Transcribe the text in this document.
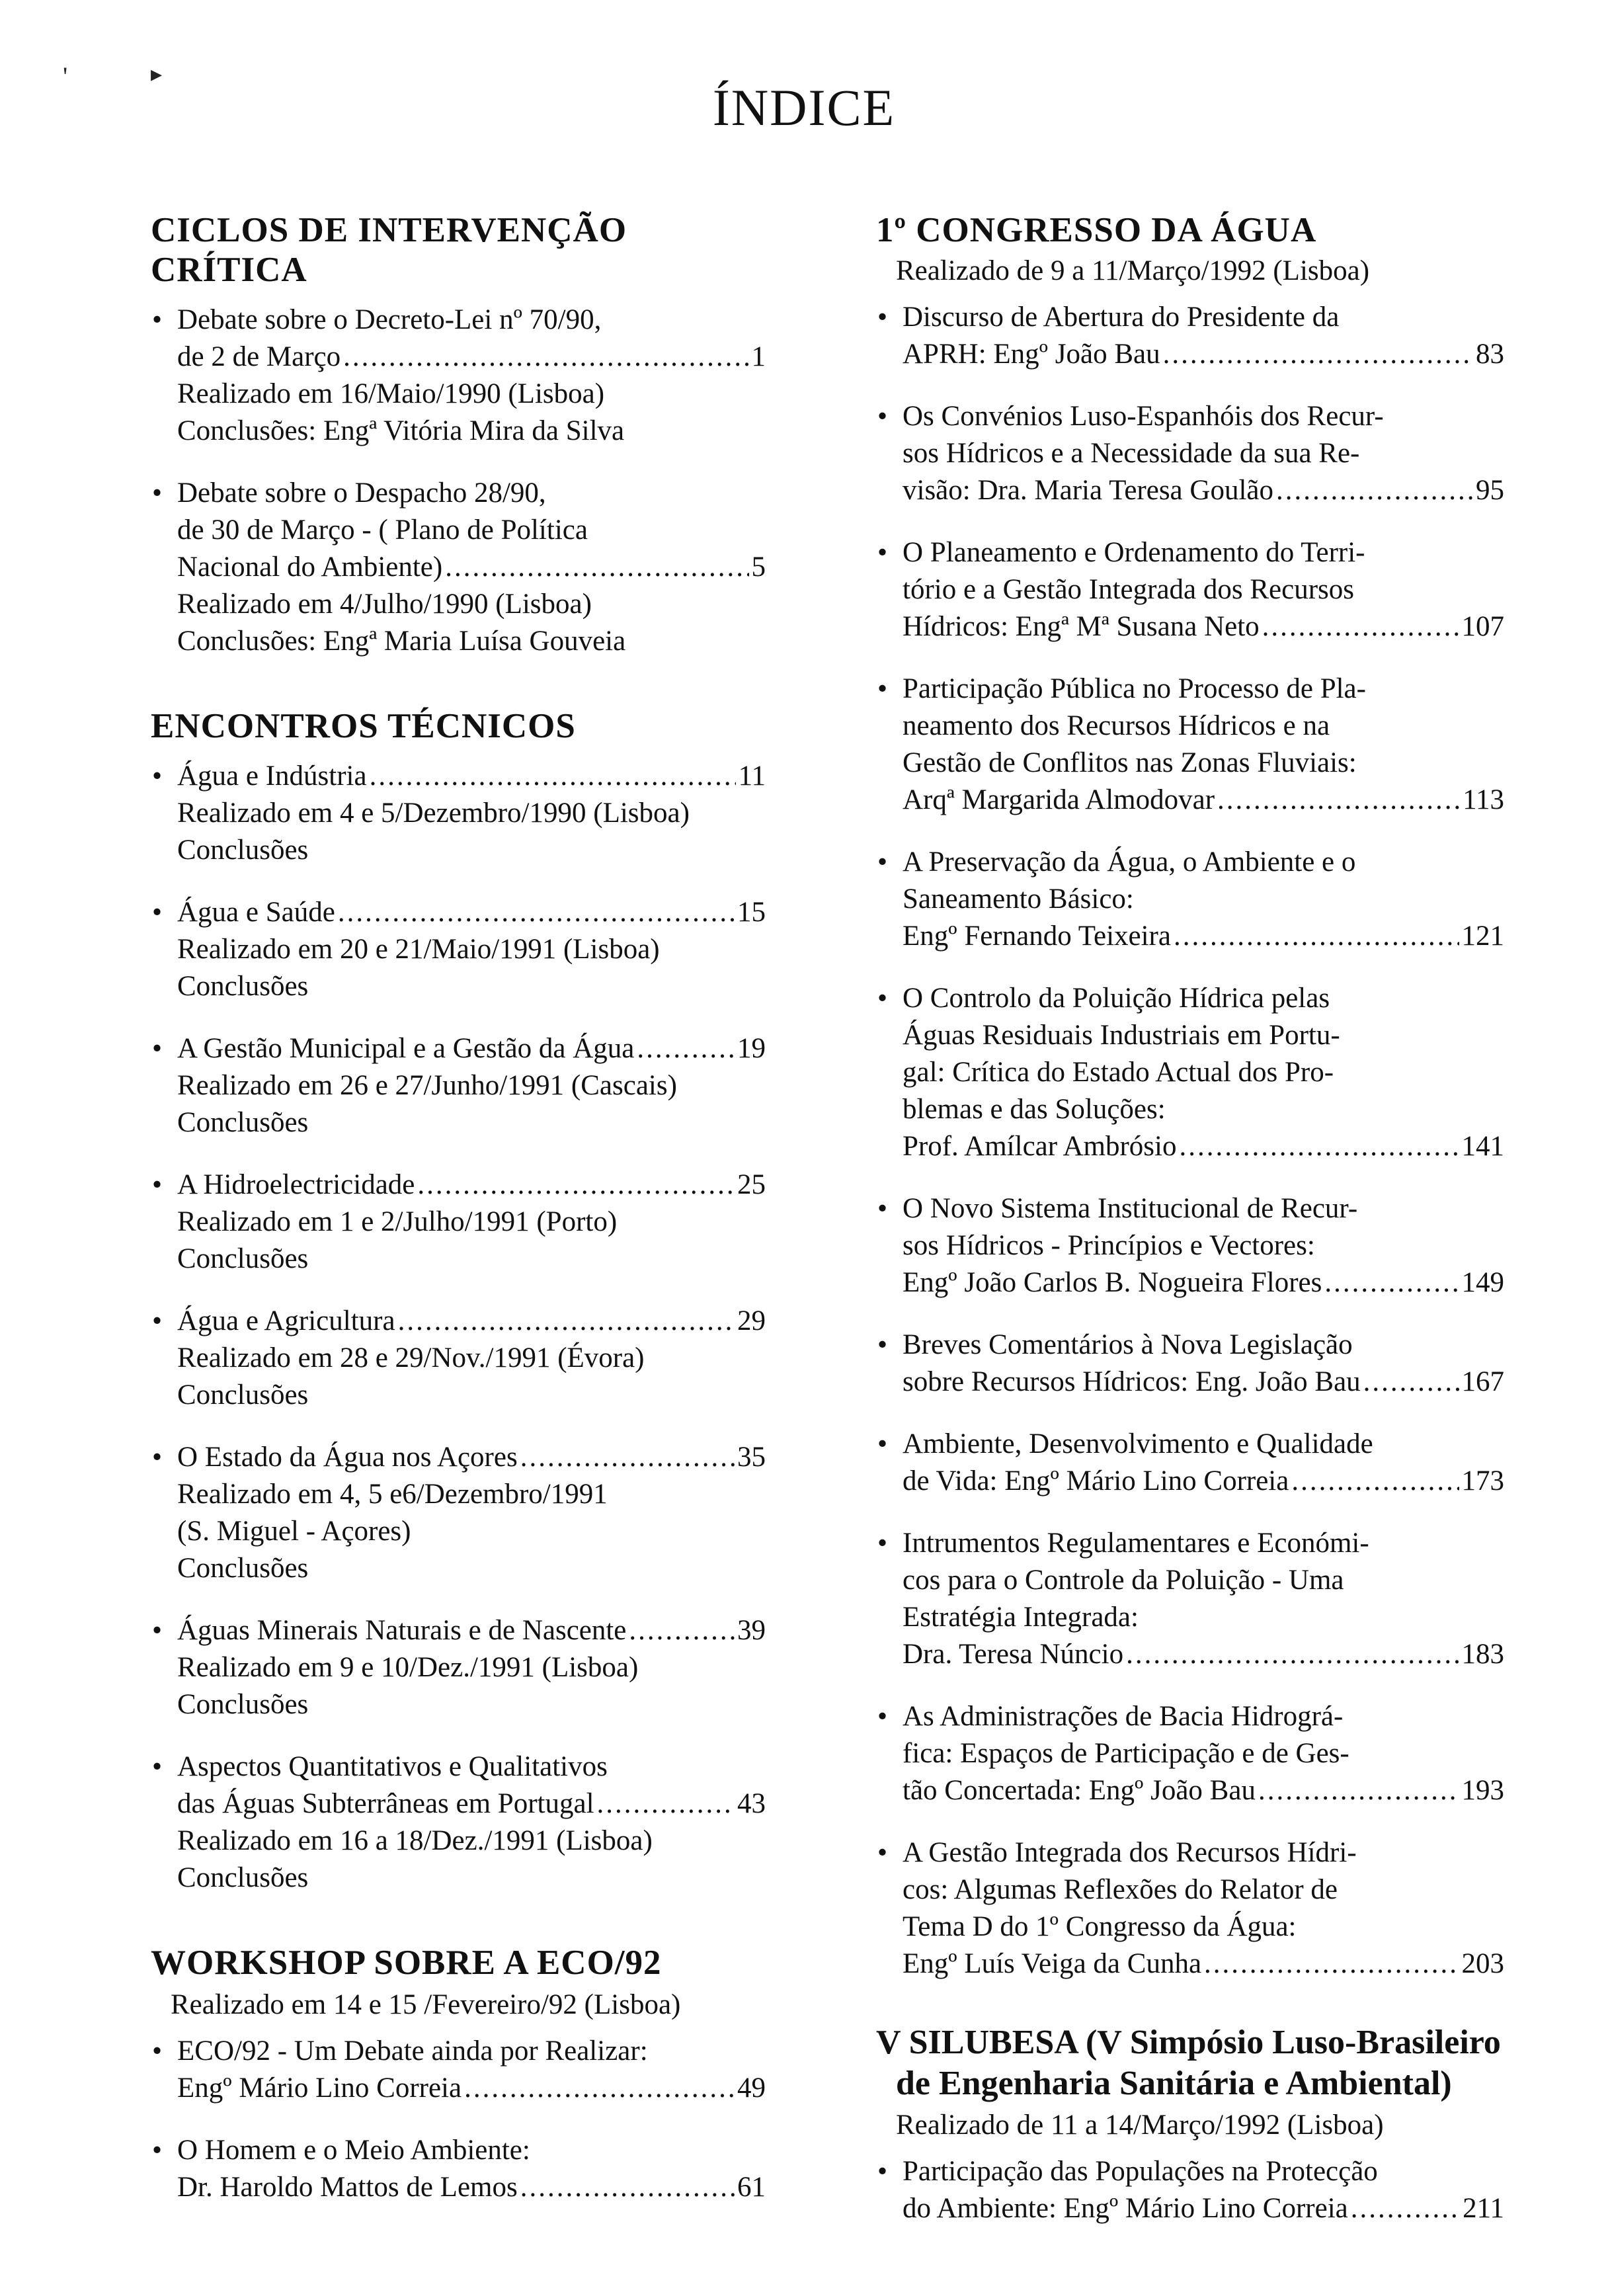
'	▸
ÍNDICE
CICLOS DE INTERVENÇÃO CRÍTICA
• Debate sobre o Decreto-Lei nº 70/90,
de 2 de Março .....	1
Realizado em 16/Maio/1990 (Lisboa)
Conclusões: Engª Vitória Mira da Silva
• Debate sobre o Despacho 28/90,
de 30 de Março - ( Plano de Política
Nacional do Ambiente) .....	5
Realizado em 4/Julho/1990 (Lisboa)
Conclusões: Engª Maria Luísa Gouveia
ENCONTROS TÉCNICOS
• Água e Indústria .....	11
Realizado em 4 e 5/Dezembro/1990 (Lisboa)
Conclusões
• Água e Saúde .....	15
Realizado em 20 e 21/Maio/1991 (Lisboa)
Conclusões
• A Gestão Municipal e a Gestão da Água .....	19
Realizado em 26 e 27/Junho/1991 (Cascais)
Conclusões
• A Hidroelectricidade .....	25
Realizado em 1 e 2/Julho/1991 (Porto)
Conclusões
• Água e Agricultura .....	29
Realizado em 28 e 29/Nov./1991 (Évora)
Conclusões
• O Estado da Água nos Açores .....	35
Realizado em 4, 5 e6/Dezembro/1991
(S. Miguel - Açores)
Conclusões
• Águas Minerais Naturais e de Nascente .....	39
Realizado em 9 e 10/Dez./1991 (Lisboa)
Conclusões
• Aspectos Quantitativos e Qualitativos
das Águas Subterrâneas em Portugal .....	43
Realizado em 16 a 18/Dez./1991 (Lisboa)
Conclusões
WORKSHOP SOBRE A ECO/92
Realizado em 14 e 15 /Fevereiro/92 (Lisboa)
• ECO/92 - Um Debate ainda por Realizar:
Engº Mário Lino Correia .....	49
• O Homem e o Meio Ambiente:
Dr. Haroldo Mattos de Lemos .....	61
1º CONGRESSO DA ÁGUA
Realizado de 9 a 11/Março/1992 (Lisboa)
• Discurso de Abertura do Presidente da
APRH: Engº João Bau .....	83
• Os Convénios Luso-Espanhóis dos Recur-
sos Hídricos e a Necessidade da sua Re-
visão: Dra. Maria Teresa Goulão .....	95
• O Planeamento e Ordenamento do Terri-
tório e a Gestão Integrada dos Recursos
Hídricos: Engª Mª Susana Neto .....	107
• Participação Pública no Processo de Pla-
neamento dos Recursos Hídricos e na
Gestão de Conflitos nas Zonas Fluviais:
Arqª Margarida Almodovar .....	113
• A Preservação da Água, o Ambiente e o
Saneamento Básico:
Engº Fernando Teixeira .....	121
• O Controlo da Poluição Hídrica pelas
Águas Residuais Industriais em Portu-
gal: Crítica do Estado Actual dos Pro-
blemas e das Soluções:
Prof. Amílcar Ambrósio .....	141
• O Novo Sistema Institucional de Recur-
sos Hídricos - Princípios e Vectores:
Engº João Carlos B. Nogueira Flores .....	149
• Breves Comentários à Nova Legislação
sobre Recursos Hídricos: Eng. João Bau .....	167
• Ambiente, Desenvolvimento e Qualidade
de Vida: Engº Mário Lino Correia .....	173
• Intrumentos Regulamentares e Económi-
cos para o Controle da Poluição - Uma
Estratégia Integrada:
Dra. Teresa Núncio .....	183
• As Administrações de Bacia Hidrográ-
fica: Espaços de Participação e de Ges-
tão Concertada: Engº João Bau .....	193
• A Gestão Integrada dos Recursos Hídri-
cos: Algumas Reflexões do Relator de
Tema D do 1º Congresso da Água:
Engº Luís Veiga da Cunha .....	203
V SILUBESA (V Simpósio Luso-Brasileiro
de Engenharia Sanitária e Ambiental)
Realizado de 11 a 14/Março/1992 (Lisboa)
• Participação das Populações na Protecção
do Ambiente: Engº Mário Lino Correia .....	211
